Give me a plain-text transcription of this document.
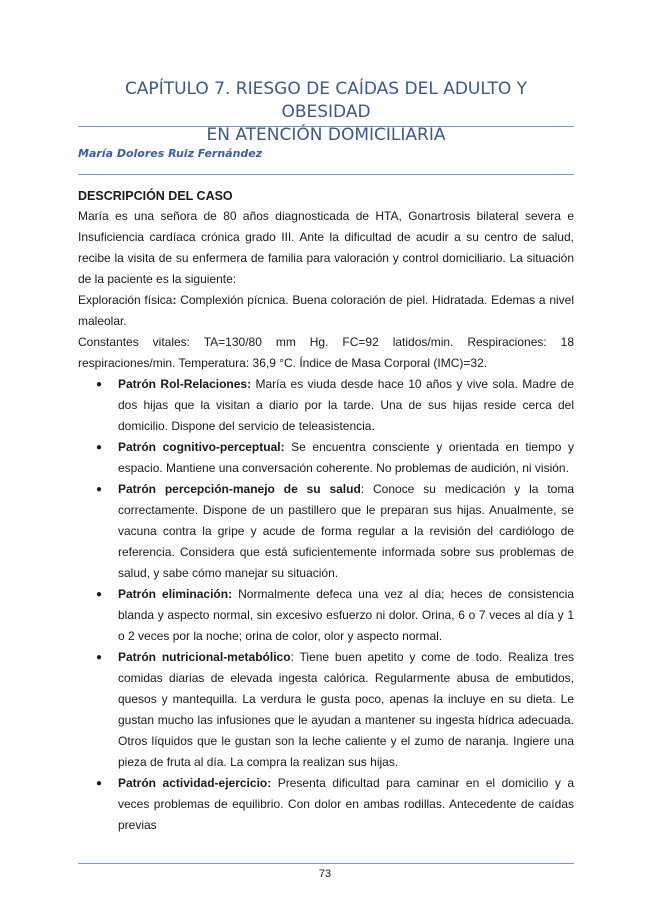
CAPÍTULO 7. RIESGO DE CAÍDAS DEL ADULTO Y OBESIDAD
EN ATENCIÓN DOMICILIARIA
María Dolores Ruiz Fernández
DESCRIPCIÓN DEL CASO

María es una señora de 80 años diagnosticada de HTA, Gonartrosis bilateral severa e Insuficiencia cardíaca crónica grado III. Ante la dificultad de acudir a su centro de salud, recibe la visita de su enfermera de familia para valoración y control domiciliario. La situación de la paciente es la siguiente:

Exploración física: Complexión pícnica. Buena coloración de piel. Hidratada. Edemas a nivel maleolar.

Constantes vitales: TA=130/80 mm Hg. FC=92 latidos/min. Respiraciones: 18

respiraciones/min. Temperatura: 36,9 °C. Índice de Masa Corporal (IMC)=32.

● Patrón Rol-Relaciones: María es viuda desde hace 10 años y vive sola. Madre de dos hijas que la visitan a diario por la tarde. Una de sus hijas reside cerca del domicilio. Dispone del servicio de teleasistencia.
● Patrón cognitivo-perceptual: Se encuentra consciente y orientada en tiempo y espacio. Mantiene una conversación coherente. No problemas de audición, ni visión.
● Patrón percepción-manejo de su salud: Conoce su medicación y la toma correctamente. Dispone de un pastillero que le preparan sus hijas. Anualmente, se vacuna contra la gripe y acude de forma regular a la revisión del cardiólogo de referencia. Considera que está suficientemente informada sobre sus problemas de salud, y sabe cómo manejar su situación.
● Patrón eliminación: Normalmente defeca una vez al día; heces de consistencia blanda y aspecto normal, sin excesivo esfuerzo ni dolor. Orina, 6 o 7 veces al día y 1 o 2 veces por la noche; orina de color, olor y aspecto normal.
● Patrón nutricional-metabólico: Tiene buen apetito y come de todo. Realiza tres comidas diarias de elevada ingesta calórica. Regularmente abusa de embutidos, quesos y mantequilla. La verdura le gusta poco, apenas la incluye en su dieta. Le gustan mucho las infusiones que le ayudan a mantener su ingesta hídrica adecuada. Otros líquidos que le gustan son la leche caliente y el zumo de naranja. Ingiere una pieza de fruta al día. La compra la realizan sus hijas.
● Patrón actividad-ejercicio: Presenta dificultad para caminar en el domicilio y a veces problemas de equilibrio. Con dolor en ambas rodillas. Antecedente de caídas previas
73
